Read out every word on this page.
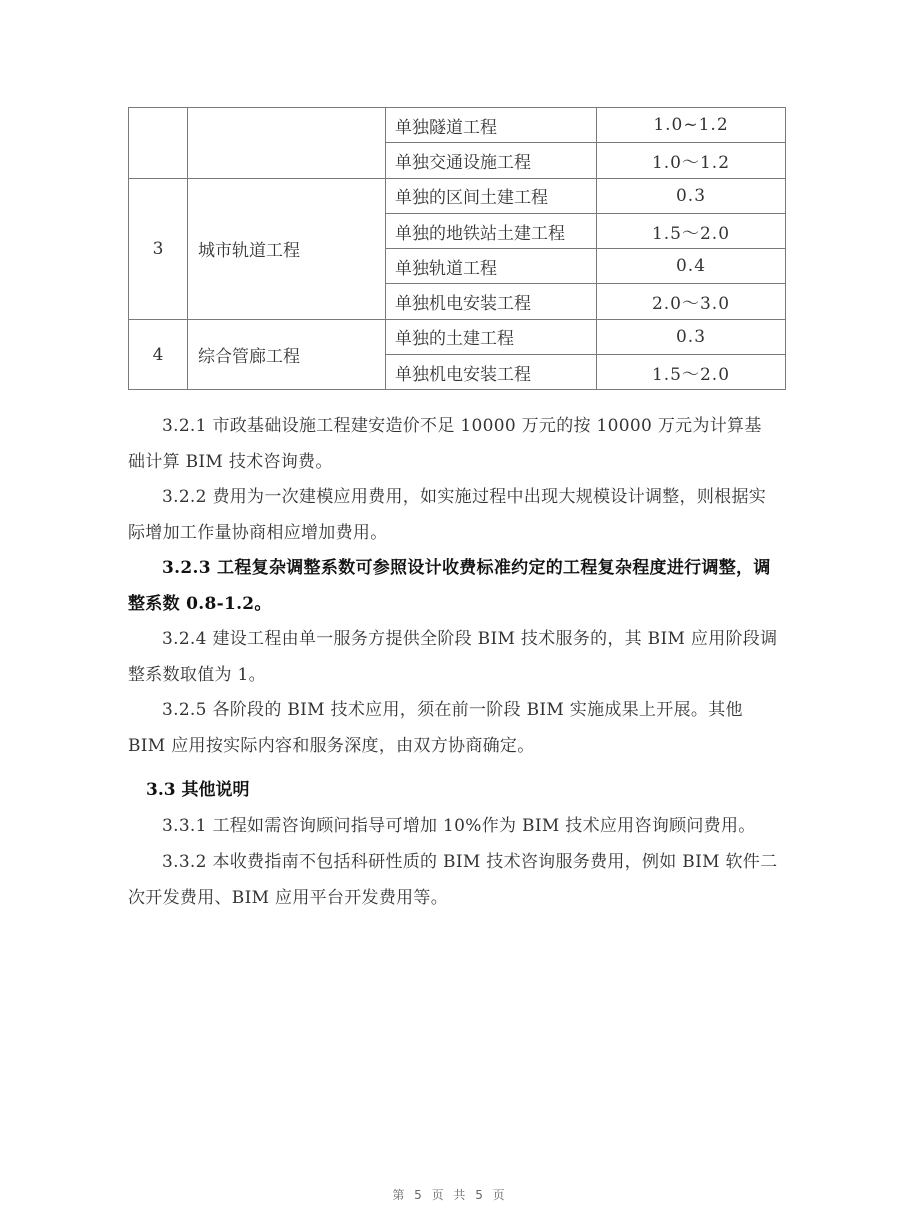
		单独隧道工程	1.0~1.2
		单独交通设施工程	1.0～1.2
3	城市轨道工程	单独的区间土建工程	0.3
		单独的地铁站土建工程	1.5～2.0
		单独轨道工程	0.4
		单独机电安装工程	2.0～3.0
4	综合管廊工程	单独的土建工程	0.3
		单独机电安装工程	1.5～2.0

3.2.1 市政基础设施工程建安造价不足 10000 万元的按 10000 万元为计算基础计算 BIM 技术咨询费。

3.2.2 费用为一次建模应用费用，如实施过程中出现大规模设计调整，则根据实际增加工作量协商相应增加费用。

3.2.3 工程复杂调整系数可参照设计收费标准约定的工程复杂程度进行调整，调整系数 0.8-1.2。

3.2.4 建设工程由单一服务方提供全阶段 BIM 技术服务的，其 BIM 应用阶段调整系数取值为 1。

3.2.5 各阶段的 BIM 技术应用，须在前一阶段 BIM 实施成果上开展。其他 BIM 应用按实际内容和服务深度，由双方协商确定。

3.3 其他说明

3.3.1 工程如需咨询顾问指导可增加 10%作为 BIM 技术应用咨询顾问费用。

3.3.2 本收费指南不包括科研性质的 BIM 技术咨询服务费用，例如 BIM 软件二次开发费用、BIM 应用平台开发费用等。

第 5 页 共 5 页
